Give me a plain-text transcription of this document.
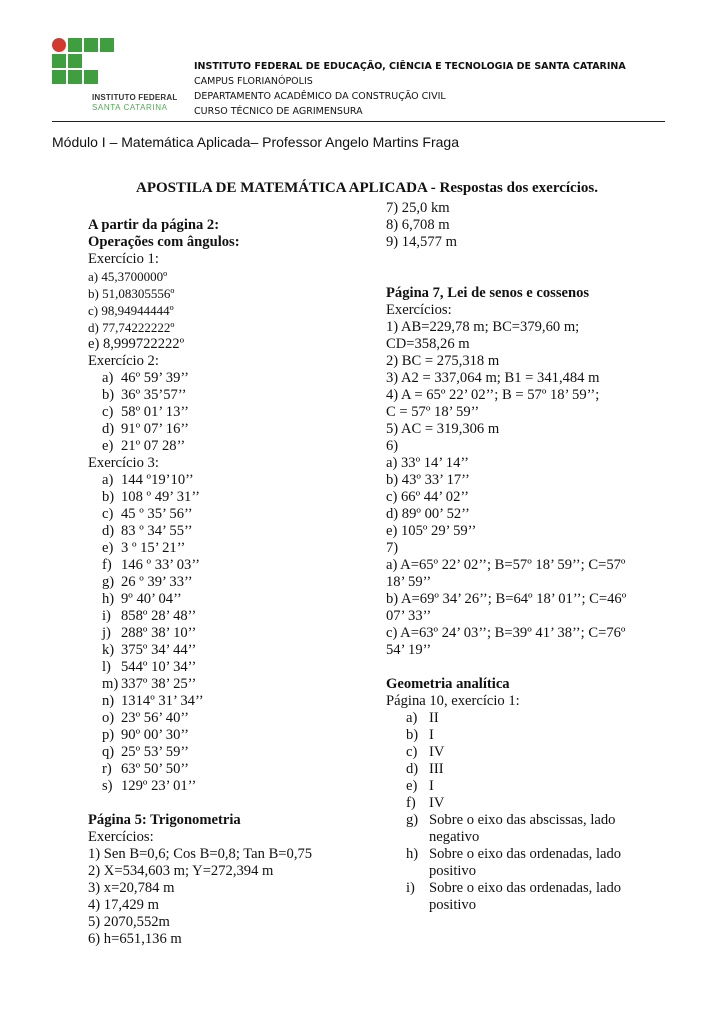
INSTITUTO FEDERAL
SANTA CATARINA
INSTITUTO FEDERAL DE EDUCAÇÃO, CIÊNCIA E TECNOLOGIA DE SANTA CATARINA
CAMPUS FLORIANÓPOLIS
DEPARTAMENTO ACADÊMICO DA CONSTRUÇÃO CIVIL
CURSO TÉCNICO DE AGRIMENSURA
Módulo I – Matemática Aplicada– Professor Angelo Martins Fraga
APOSTILA DE MATEMÁTICA APLICADA - Respostas dos exercícios.
A partir da página 2:
Operações com ângulos:
Exercício 1:
a) 45,3700000º
b) 51,08305556º
c) 98,94944444º
d) 77,74222222º
e) 8,999722222º
Exercício 2:
a) 46º 59’ 39’’
b) 36º 35’57’’
c) 58º 01’ 13’’
d) 91º 07’ 16’’
e) 21º 07 28’’
Exercício 3:
a) 144 º19’10’’
b) 108 º 49’ 31’’
c) 45 º 35’ 56’’
d) 83 º 34’ 55’’
e) 3 º 15’ 21’’
f) 146 º 33’ 03’’
g) 26 º 39’ 33’’
h) 9º 40’ 04’’
i) 858º 28’ 48’’
j) 288º 38’ 10’’
k) 375º 34’ 44’’
l) 544º 10’ 34’’
m) 337º 38’ 25’’
n) 1314º 31’ 34’’
o) 23º 56’ 40’’
p) 90º 00’ 30’’
q) 25º 53’ 59’’
r) 63º 50’ 50’’
s) 129º 23’ 01’’
Página 5: Trigonometria
Exercícios:
1) Sen B=0,6; Cos B=0,8; Tan B=0,75
2) X=534,603 m; Y=272,394 m
3) x=20,784 m
4) 17,429 m
5) 2070,552m
6) h=651,136 m
7) 25,0 km
8) 6,708 m
9) 14,577 m
Página 7, Lei de senos e cossenos
Exercícios:
1) AB=229,78 m; BC=379,60 m;
CD=358,26 m
2) BC = 275,318 m
3) A2 = 337,064 m; B1 = 341,484 m
4) A = 65º 22’ 02’’; B = 57º 18’ 59’’;
C = 57º 18’ 59’’
5) AC = 319,306 m
6)
a) 33º 14’ 14’’
b) 43º 33’ 17’’
c) 66º 44’ 02’’
d) 89º 00’ 52’’
e) 105º 29’ 59’’
7)
a) A=65º 22’ 02’’; B=57º 18’ 59’’; C=57º
18’ 59’’
b) A=69º 34’ 26’’; B=64º 18’ 01’’; C=46º
07’ 33’’
c) A=63º 24’ 03’’; B=39º 41’ 38’’; C=76º
54’ 19’’
Geometria analítica
Página 10, exercício 1:
a) II
b) I
c) IV
d) III
e) I
f) IV
g) Sobre o eixo das abscissas, lado negativo
h) Sobre o eixo das ordenadas, lado positivo
i) Sobre o eixo das ordenadas, lado positivo
